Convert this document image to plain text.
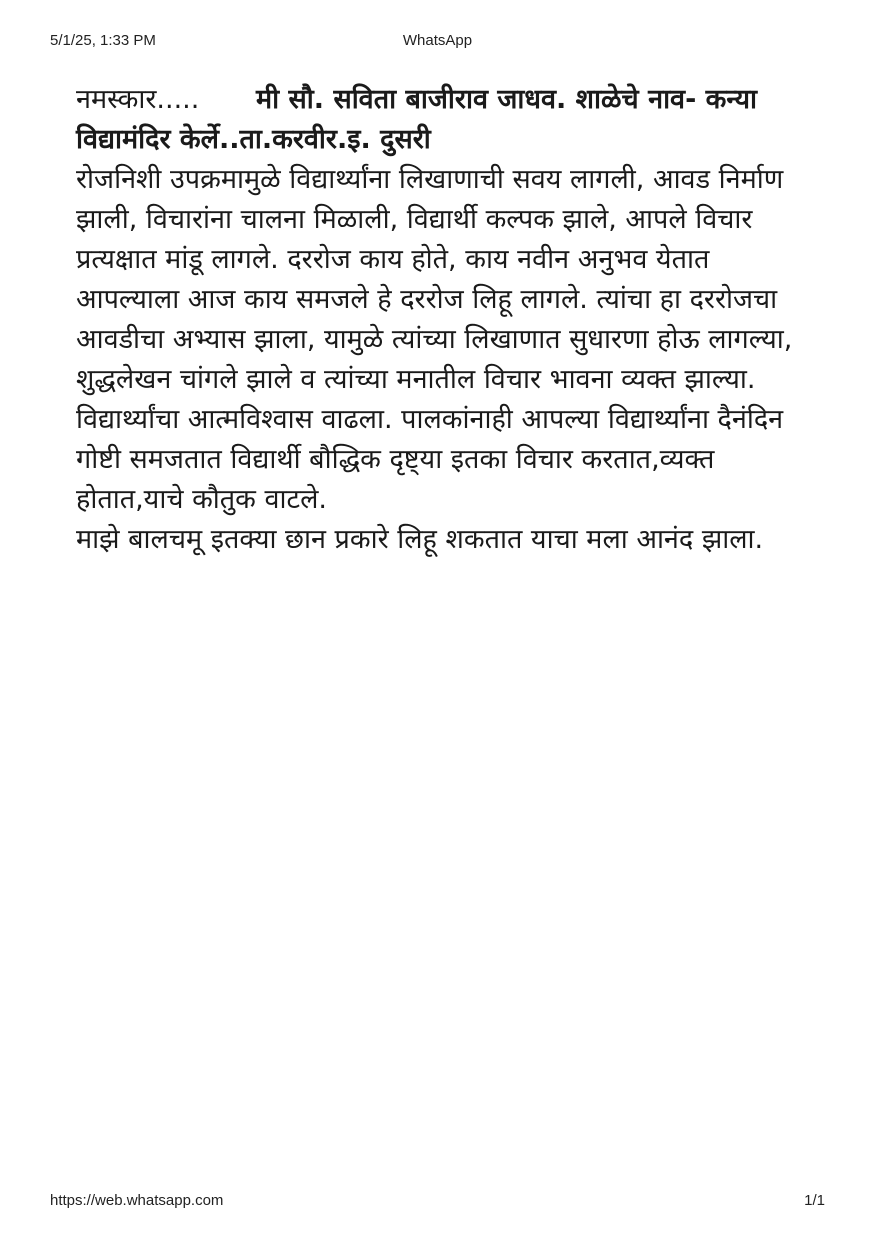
WhatsApp
5/1/25, 1:33 PM
नमस्कार..... मी सौ. सविता बाजीराव जाधव. शाळेचे नाव- कन्या विद्यामंदिर केर्ले..ता.करवीर.इ. दुसरी
रोजनिशी उपक्रमामुळे विद्यार्थ्यांना लिखाणाची सवय लागली, आवड निर्माण झाली, विचारांना चालना मिळाली, विद्यार्थी कल्पक झाले, आपले विचार प्रत्यक्षात मांडू लागले. दररोज काय होते, काय नवीन अनुभव येतात आपल्याला आज काय समजले हे दररोज लिहू लागले. त्यांचा हा दररोजचा आवडीचा अभ्यास झाला, यामुळे त्यांच्या लिखाणात सुधारणा होऊ लागल्या, शुद्धलेखन चांगले झाले व त्यांच्या मनातील विचार भावना व्यक्त झाल्या. विद्यार्थ्यांचा आत्मविश्वास वाढला. पालकांनाही आपल्या विद्यार्थ्यांना दैनंदिन गोष्टी समजतात विद्यार्थी बौद्धिक दृष्ट्या इतका विचार करतात,व्यक्त होतात,याचे कौतुक वाटले.
माझे बालचमू इतक्या छान प्रकारे लिहू शकतात याचा मला आनंद झाला.
https://web.whatsapp.com	1/1
